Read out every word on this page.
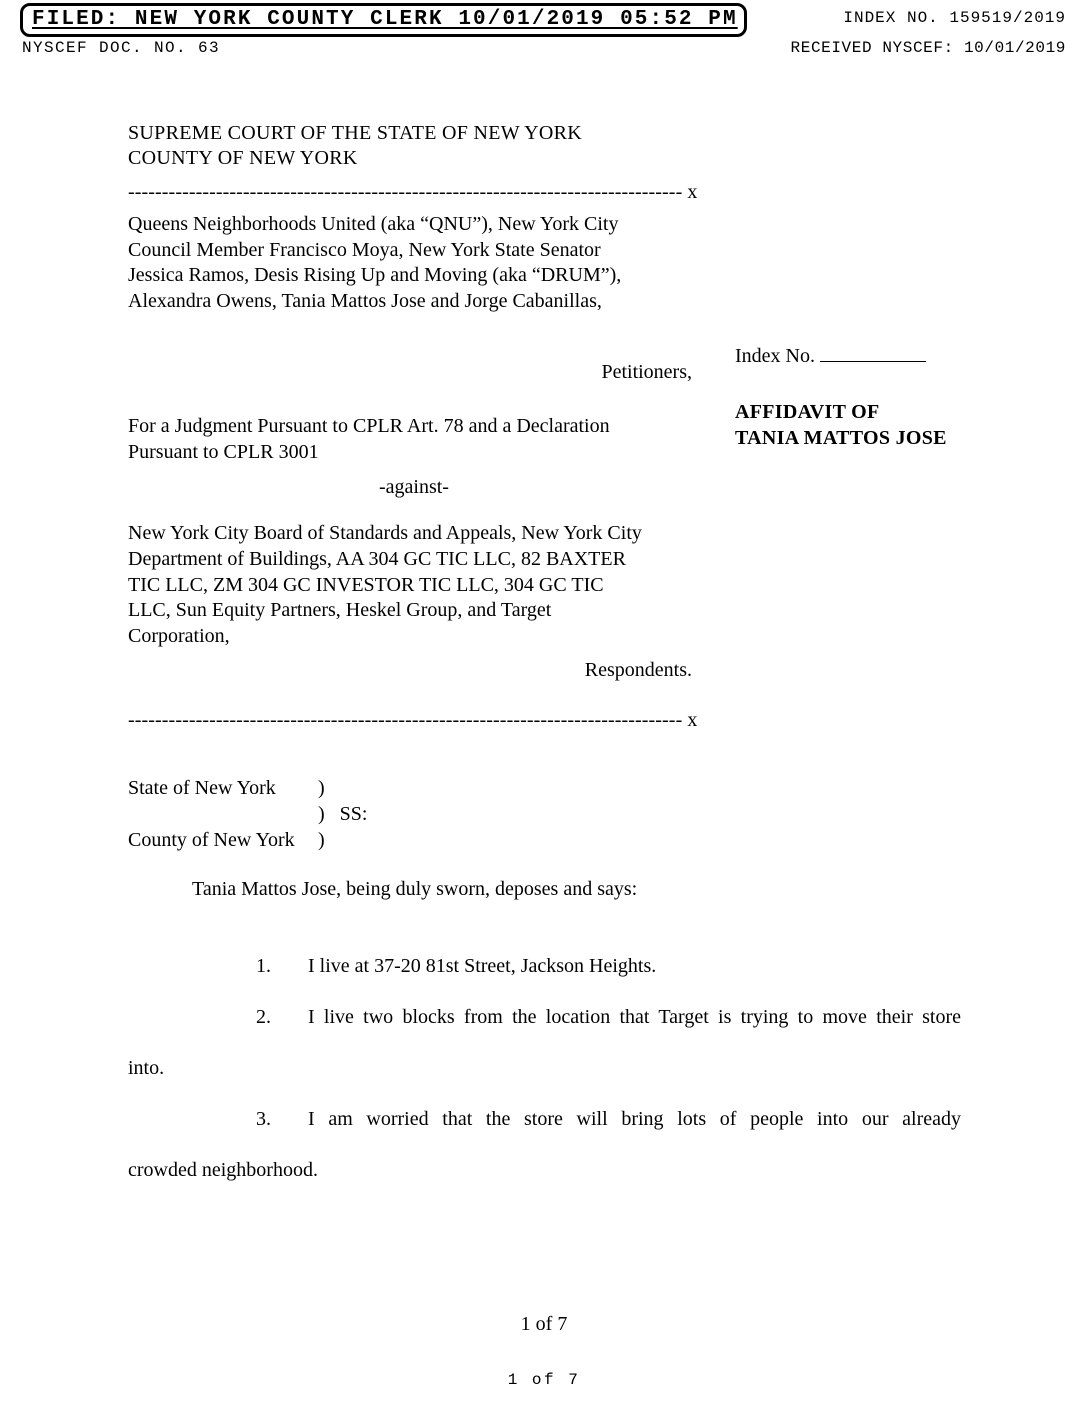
FILED: NEW YORK COUNTY CLERK 10/01/2019 05:52 PM	INDEX NO. 159519/2019
NYSCEF DOC. NO. 63	RECEIVED NYSCEF: 10/01/2019
SUPREME COURT OF THE STATE OF NEW YORK
COUNTY OF NEW YORK
---------------------------------------------------------------------------------- x
Queens Neighborhoods United (aka “QNU”), New York City
Council Member Francisco Moya, New York State Senator
Jessica Ramos, Desis Rising Up and Moving (aka “DRUM”),
Alexandra Owens, Tania Mattos Jose and Jorge Cabanillas,
Petitioners,
For a Judgment Pursuant to CPLR Art. 78 and a Declaration
Pursuant to CPLR 3001
-against-
New York City Board of Standards and Appeals, New York City
Department of Buildings, AA 304 GC TIC LLC, 82 BAXTER
TIC LLC, ZM 304 GC INVESTOR TIC LLC, 304 GC TIC
LLC, Sun Equity Partners, Heskel Group, and Target
Corporation,
Respondents.
Index No.
AFFIDAVIT OF
TANIA MATTOS JOSE
---------------------------------------------------------------------------------- x
State of New York )
) SS:
County of New York )
Tania Mattos Jose, being duly sworn, deposes and says:
1. I live at 37-20 81st Street, Jackson Heights.
2. I live two blocks from the location that Target is trying to move their store
into.
3. I am worried that the store will bring lots of people into our already
crowded neighborhood.
1 of 7
1 of 7
